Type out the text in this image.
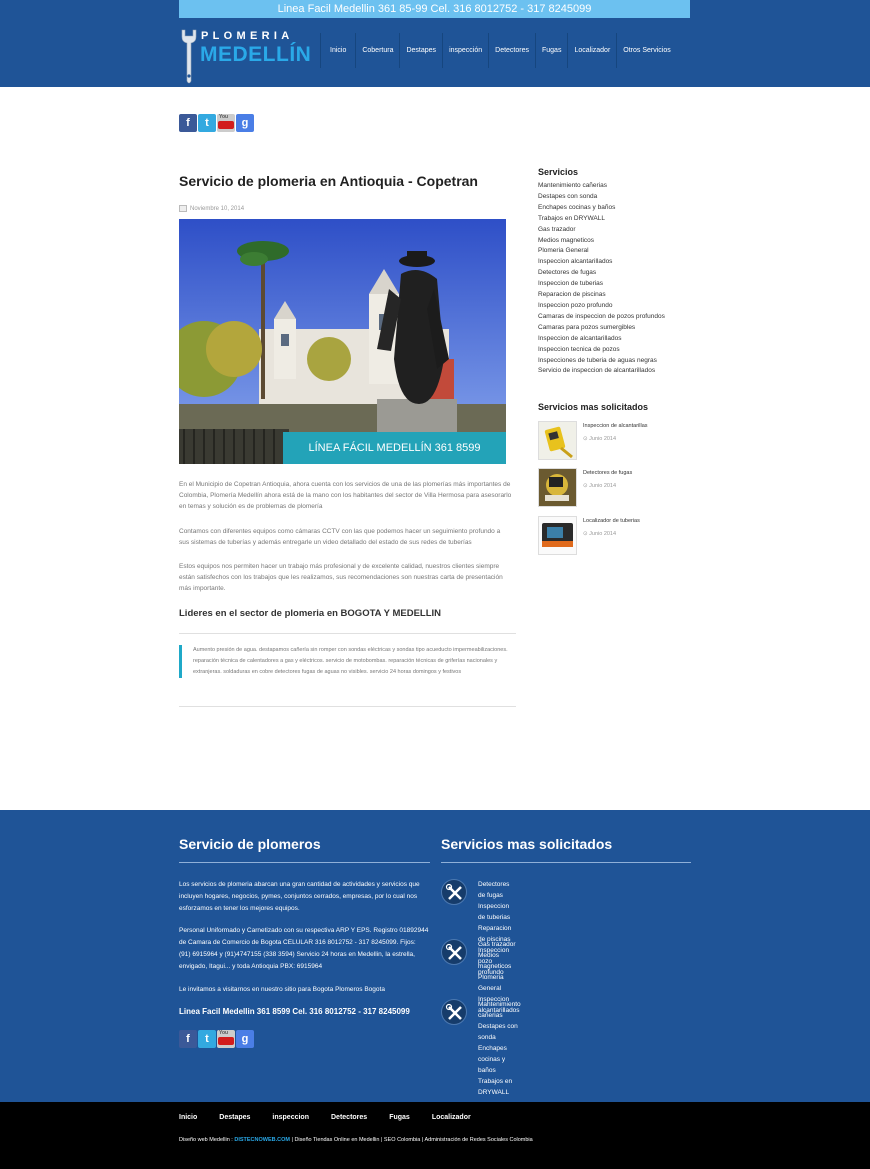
Linea Facil Medellin 361 85-99 Cel. 316 8012752 - 317 8245099
PLOMERIA
MEDELLÍN	Inicio	Cobertura	Destapes	inspección	Detectores	Fugas	Localizador	Otros Servicios
f	t	You	g
Servicio de plomeria en Antioquia - Copetran
Noviembre 10, 2014
LÍNEA FÁCIL MEDELLÍN 361 8599

En el Municipio de Copetran Antioquia, ahora cuenta con los servicios de una de las plomerías más importantes de Colombia, Plomería Medellín ahora está de la mano con los habitantes del sector de Villa Hermosa para asesorarlo en temas y solución es de problemas de plomería

Contamos con diferentes equipos como cámaras CCTV con las que podemos hacer un seguimiento profundo a sus sistemas de tuberías y además entregarle un video detallado del estado de sus redes de tuberías

Estos equipos nos permiten hacer un trabajo más profesional y de excelente calidad, nuestros clientes siempre están satisfechos con los trabajos que les realizamos, sus recomendaciones son nuestras carta de presentación más importante.

Lideres en el sector de plomeria en BOGOTA Y MEDELLIN
Aumento presión de agua. destapamos cañería sin romper con sondas eléctricas y sondas tipo acueducto impermeabilizaciones. reparación técnica de calentadores a gas y eléctricos. servicio de motobombas. reparación técnicas de griferías nacionales y extranjeras. soldaduras en cobre detectores fugas de aguas no visibles. servicio 24 horas domingos y festivos
Servicios
Mantenimiento cañerias
Destapes con sonda
Enchapes cocinas y baños
Trabajos en DRYWALL
Gas trazador
Medios magneticos
Plomeria General
Inspeccion alcantarillados
Detectores de fugas
Inspeccion de tuberias
Reparacion de piscinas
Inspeccion pozo profundo
Camaras de inspeccion de pozos profundos
Camaras para pozos sumergibles
Inspeccion de alcantarillados
Inspeccion tecnica de pozos
Inspecciones de tuberia de aguas negras
Servicio de inspeccion de alcantarillados
Servicios mas solicitados
Inspeccion de alcantarillas
⊙ Junio 2014
Detectores de fugas
⊙ Junio 2014
Localizador de tuberias
⊙ Junio 2014
Servicio de plomeros

Los servicios de plomeria abarcan una gran cantidad de actividades y servicios que incluyen hogares, negocios, pymes, conjuntos cerrados, empresas, por lo cual nos esforzamos en tener los mejores equipos.

Personal Uniformado y Carnetizado con su respectiva ARP Y EPS. Registro 01892944 de Camara de Comercio de Bogota CELULAR 316 8012752 - 317 8245099. Fijos: (91) 6915964 y (91)4747155 (338 3594) Servicio 24 horas en Medellin, la estrella, envigado, Itagui... y toda Antioquia PBX: 6915964

Le invitamos a visitarnos en nuestro sitio para Bogota Plomeros Bogota

Linea Facil Medellin 361 8599 Cel. 316 8012752 - 317 8245099
f	t	You	g
Servicios mas solicitados
Detectores de fugas
Inspeccion de tuberias
Reparacion de piscinas
Inspeccion pozo profundo
Gas trazador
Medios magneticos
Plomeria General
Inspeccion alcantarillados
Mantenimiento cañerias
Destapes con sonda
Enchapes cocinas y baños
Trabajos en DRYWALL
Inicio	Destapes	inspeccion	Detectores	Fugas	Localizador
Diseño web Medellin : DISTECNOWEB.COM | Diseño Tiendas Online en Medellin | SEO Colombia | Administración de Redes Sociales Colombia
